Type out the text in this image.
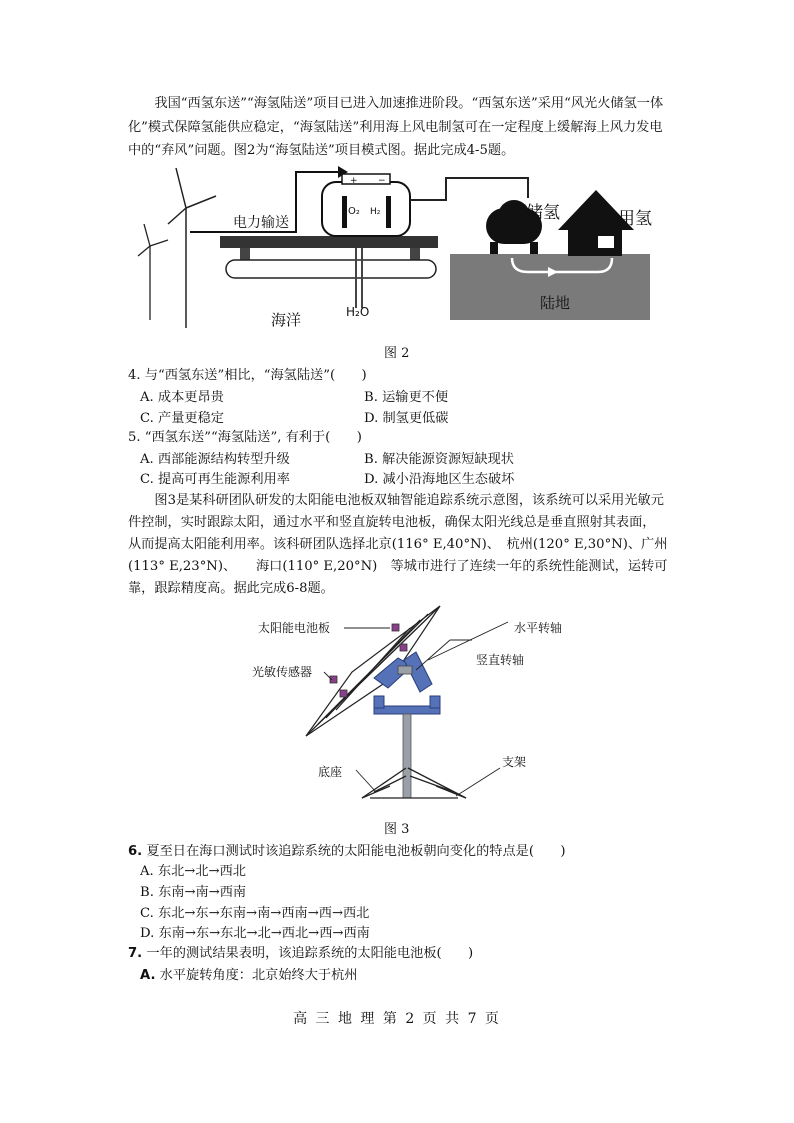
我国“西氢东送”“海氢陆送”项目已进入加速推进阶段。“西氢东送”采用“风光火储氢一体化”模式保障氢能供应稳定，“海氢陆送”利用海上风电制氢可在一定程度上缓解海上风力发电中的“弃风”问题。图2为“海氢陆送”项目模式图。据此完成4-5题。
电力输送
+ −
O₂ H₂	储氢	用氢
陆地
海洋	H₂O
图 2
4. 与“西氢东送”相比，“海氢陆送”(　　)
A. 成本更昂贵	B. 运输更不便
C. 产量更稳定	D. 制氢更低碳
5. “西氢东送”“海氢陆送”, 有利于(　　)
A. 西部能源结构转型升级	B. 解决能源资源短缺现状
C. 提高可再生能源利用率	D. 减小沿海地区生态破坏
图3是某科研团队研发的太阳能电池板双轴智能追踪系统示意图，该系统可以采用光敏元件控制，实时跟踪太阳，通过水平和竖直旋转电池板，确保太阳光线总是垂直照射其表面，从而提高太阳能利用率。该科研团队选择北京(116° E,40°N)、　杭州(120° E,30°N)、广州(113° E,23°N)、　　海口(110° E,20°N)　等城市进行了连续一年的系统性能测试，运转可靠，跟踪精度高。据此完成6-8题。
太阳能电池板	水平转轴
竖直转轴
光敏传感器
支架
底座
图 3
6. 夏至日在海口测试时该追踪系统的太阳能电池板朝向变化的特点是(　　)
A. 东北→北→西北
B. 东南→南→西南
C. 东北→东→东南→南→西南→西→西北
D. 东南→东→东北→北→西北→西→西南
7. 一年的测试结果表明，该追踪系统的太阳能电池板(　　)
A. 水平旋转角度：北京始终大于杭州
高 三 地 理 第 2 页 共 7 页
